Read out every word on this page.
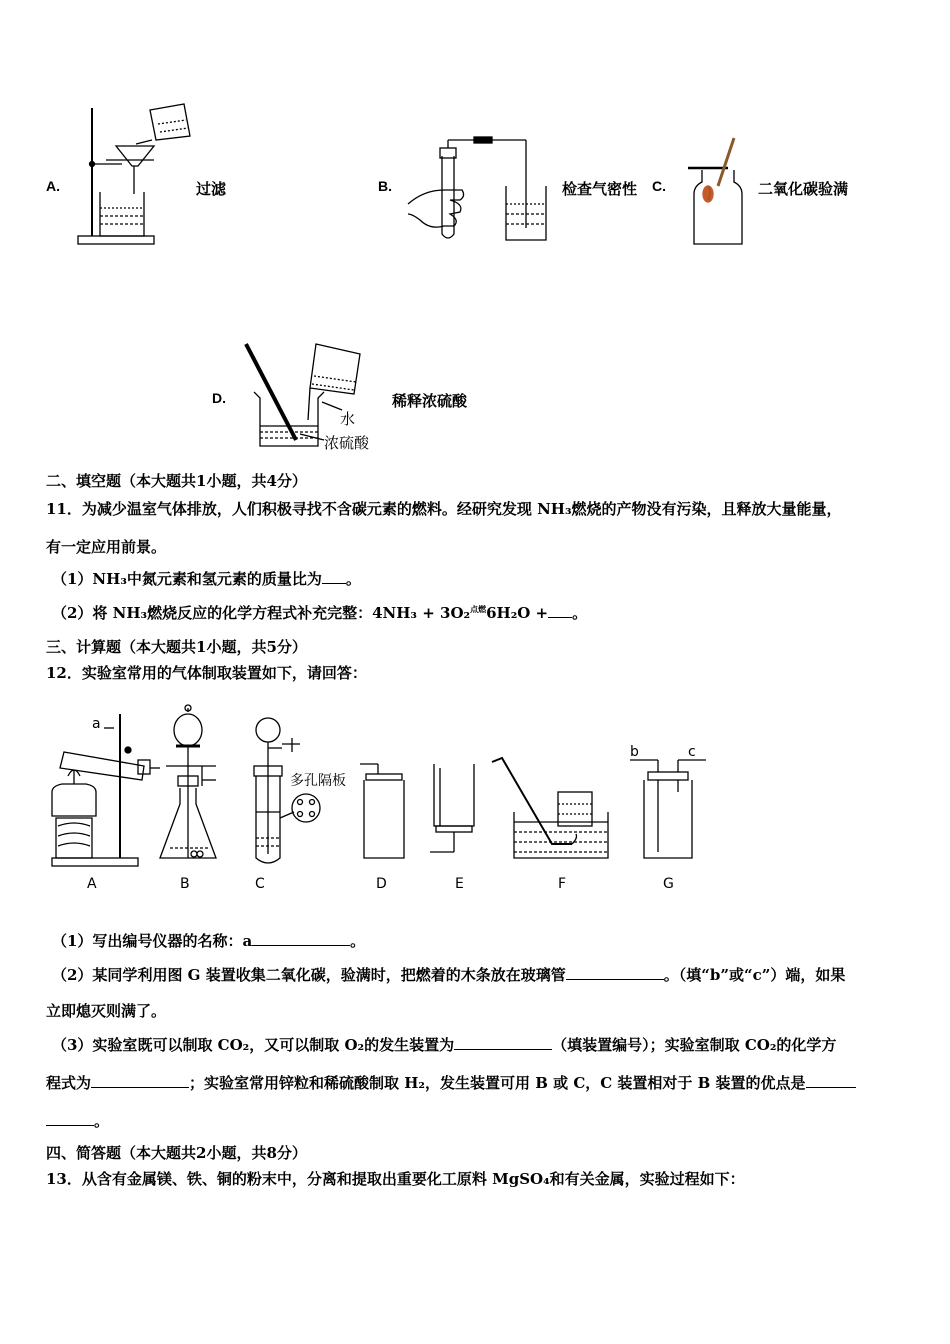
A.	过滤	B.	检查气密性 C.	二氧化碳验满
D.
水
浓硫酸
稀释浓硫酸
二、填空题（本大题共1小题，共4分）
11．为减少温室气体排放，人们积极寻找不含碳元素的燃料。经研究发现 NH₃燃烧的产物没有污染，且释放大量能量，
有一定应用前景。
（1）NH₃中氮元素和氢元素的质量比为 。
（2）将 NH₃燃烧反应的化学方程式补充完整：4NH₃ + 3O₂$^{点燃}$6H₂O + 。
三、计算题（本大题共1小题，共5分）
12．实验室常用的气体制取装置如下，请回答：
a
b	c
多孔隔板
A	B	C	D	E	F	G
（1）写出编号仪器的名称：a	。
（2）某同学利用图 G 装置收集二氧化碳，验满时，把燃着的木条放在玻璃管	。（填“b”或“c”）端，如果
立即熄灭则满了。
（3）实验室既可以制取 CO₂，又可以制取 O₂的发生装置为	（填装置编号）；实验室制取 CO₂的化学方
程式为	；实验室常用锌粒和稀硫酸制取 H₂，发生装置可用 B 或 C，C 装置相对于 B 装置的优点是
。
四、简答题（本大题共2小题，共8分）
13．从含有金属镁、铁、铜的粉末中，分离和提取出重要化工原料 MgSO₄和有关金属，实验过程如下：
